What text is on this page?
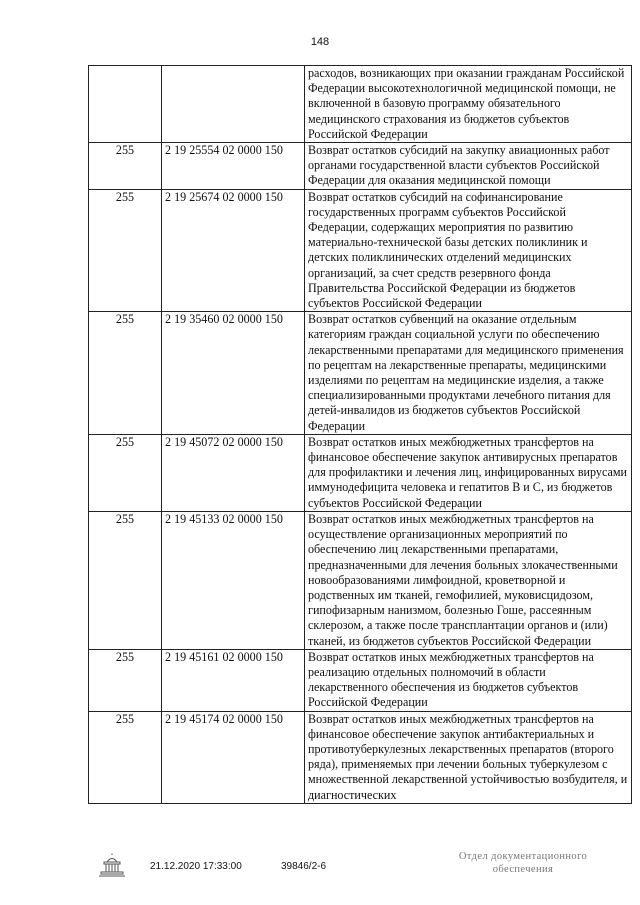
148
		расходов, возникающих при оказании гражданам Российской Федерации высокотехнологичной медицинской помощи, не включенной в базовую программу обязательного медицинского страхования из бюджетов субъектов Российской Федерации
255	2 19 25554 02 0000 150	Возврат остатков субсидий на закупку авиационных работ органами государственной власти субъектов Российской Федерации для оказания медицинской помощи
255	2 19 25674 02 0000 150	Возврат остатков субсидий на софинансирование государственных программ субъектов Российской Федерации, содержащих мероприятия по развитию материально-технической базы детских поликлиник и детских поликлинических отделений медицинских организаций, за счет средств резервного фонда Правительства Российской Федерации из бюджетов субъектов Российской Федерации
255	2 19 35460 02 0000 150	Возврат остатков субвенций на оказание отдельным категориям граждан социальной услуги по обеспечению лекарственными препаратами для медицинского применения по рецептам на лекарственные препараты, медицинскими изделиями по рецептам на медицинские изделия, а также специализированными продуктами лечебного питания для детей-инвалидов из бюджетов субъектов Российской Федерации
255	2 19 45072 02 0000 150	Возврат остатков иных межбюджетных трансфертов на финансовое обеспечение закупок антивирусных препаратов для профилактики и лечения лиц, инфицированных вирусами иммунодефицита человека и гепатитов B и C, из бюджетов субъектов Российской Федерации
255	2 19 45133 02 0000 150	Возврат остатков иных межбюджетных трансфертов на осуществление организационных мероприятий по обеспечению лиц лекарственными препаратами, предназначенными для лечения больных злокачественными новообразованиями лимфоидной, кроветворной и родственных им тканей, гемофилией, муковисцидозом, гипофизарным нанизмом, болезнью Гоше, рассеянным склерозом, а также после трансплантации органов и (или) тканей, из бюджетов субъектов Российской Федерации
255	2 19 45161 02 0000 150	Возврат остатков иных межбюджетных трансфертов на реализацию отдельных полномочий в области лекарственного обеспечения из бюджетов субъектов Российской Федерации
255	2 19 45174 02 0000 150	Возврат остатков иных межбюджетных трансфертов на финансовое обеспечение закупок антибактериальных и противотуберкулезных лекарственных препаратов (второго ряда), применяемых при лечении больных туберкулезом с множественной лекарственной устойчивостью возбудителя, и диагностических
21.12.2020 17:33:00	39846/2-6
Отдел документационного
обеспечения
